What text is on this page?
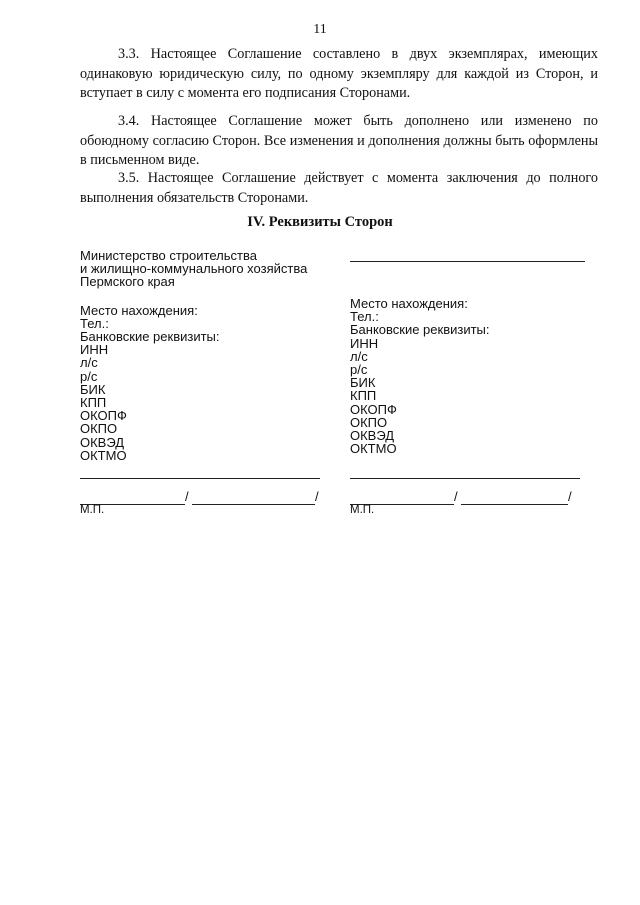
11

3.3. Настоящее Соглашение составлено в двух экземплярах, имеющих одинаковую юридическую силу, по одному экземпляру для каждой из Сторон, и вступает в силу с момента его подписания Сторонами.

3.4. Настоящее Соглашение может быть дополнено или изменено по обоюдному согласию Сторон. Все изменения и дополнения должны быть оформлены в письменном виде.

3.5. Настоящее Соглашение действует с момента заключения до полного выполнения обязательств Сторонами.

IV. Реквизиты Сторон
Министерство строительства
и жилищно-коммунального хозяйства
Пермского края
Место нахождения:
Тел.:
Банковские реквизиты:
ИНН
л/с
р/с
БИК
КПП
ОКОПФ
ОКПО
ОКВЭД
ОКТМО
Место нахождения:
Тел.:
Банковские реквизиты:
ИНН
л/с
р/с
БИК
КПП
ОКОПФ
ОКПО
ОКВЭД
ОКТМО
/	/
М.П.
/	/
М.П.
